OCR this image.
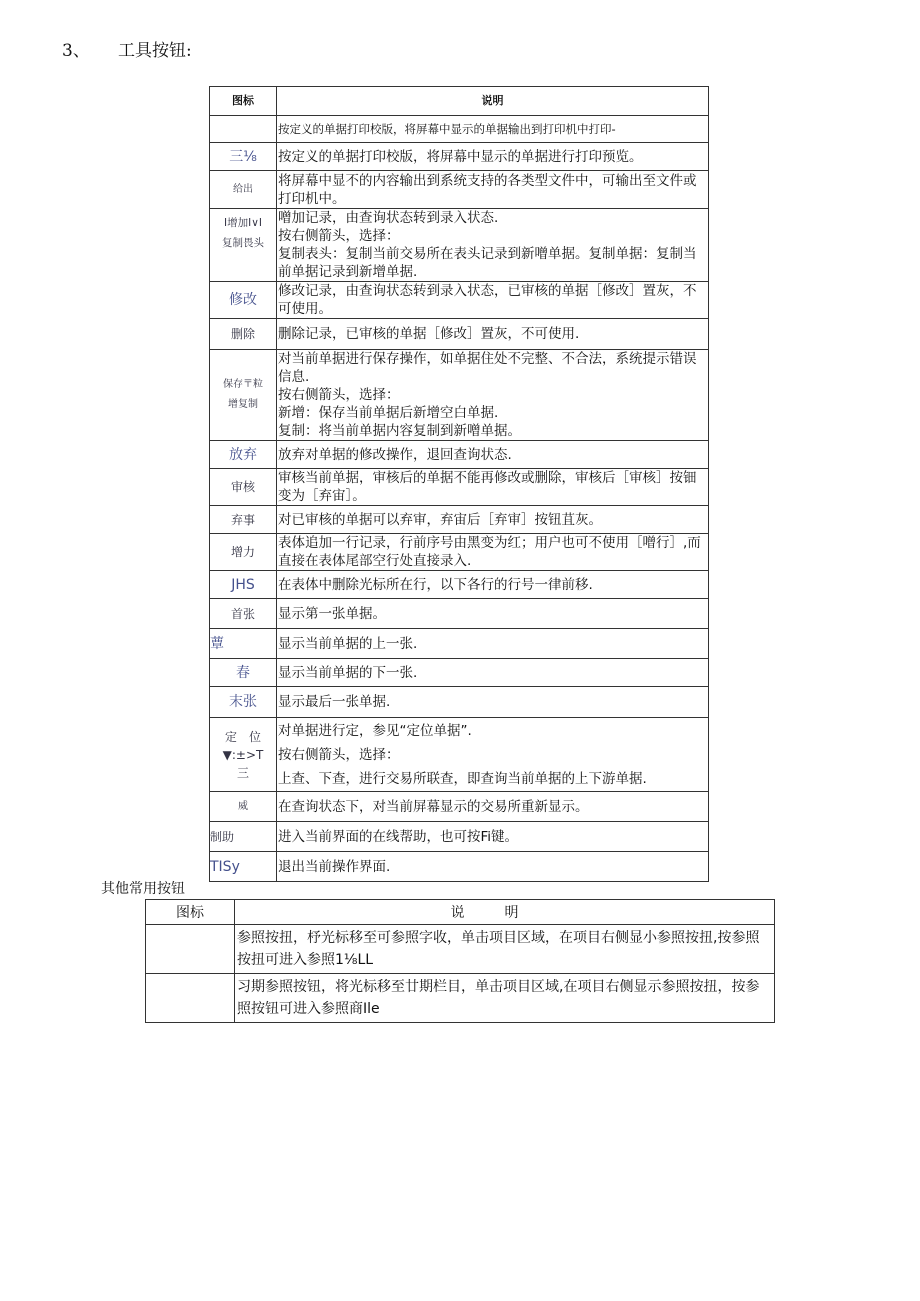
3、 工具按钮:
图标	说明
	按定义的单据打印校版，将屏幕中显示的单据输出到打印机中打印-
三⅛	按定义的单据打印校版，将屏幕中显示的单据进行打印预览。
给出	将屏幕中显不的内容输出到系统支持的各类型文件中，可输出至文件或打印机中。
I增加I∨I
复制畏头	噌加记录，由查询状态转到录入状态.
按右侧箭头，选择：
复制表头：复制当前交易所在表头记录到新噌单据。复制单据：复制当前单据记录到新增单据.
修改	修改记录，由查询状态转到录入状态，已审核的单据［修改］置灰，不可使用。
删除	删除记录，已审核的单据［修改］置灰，不可使用.
保存〒粒
增复制	对当前单据进行保存操作，如单据住处不完整、不合法，系统提示错误信息.
按右侧箭头，选择：
新增：保存当前单据后新增空白单据.
复制：将当前单据内容复制到新噌单据。
放弃	放弃对单据的修改操作，退回查询状态.
审核	审核当前单据，审核后的单据不能再修改或删除，审核后［审核］按钿变为［弃宙］。
弃事	对已审核的单据可以弃审，弃宙后［弃审］按钮苴灰。
增力	表体追加一行记录，行前序号由黑变为红；用户也可不使用［噌行］,而直接在表体尾部空行处直接录入.
JHS	在表体中删除光标所在行，以下各行的行号一律前移.
首张	显示第一张单据。
蕈	显示当前单据的上一张.
春	显示当前单据的下一张.
末张	显示最后一张单据.
定　位
▼:±>T
三	对单据进行定，参见“定位单据”.
按右侧箭头，选择：
上查、下查，进行交易所联查，即查询当前单据的上下游单据.
威	在查询状态下，对当前屏幕显示的交易所重新显示。
制助	进入当前界面的在线帮助，也可按Fi键。
TISy	退出当前操作界面.
其他常用按钮
图标	说明
	参照按扭，杼光标移至可参照字收，单击项目区域，在项目右侧显小参照按扭,按参照按扭可进入参照1⅛LL
	习期参照按钮，将光标移至廿期栏目，单击项目区域,在项目右侧显示参照按扭，按参照按钮可进入参照商Ile
